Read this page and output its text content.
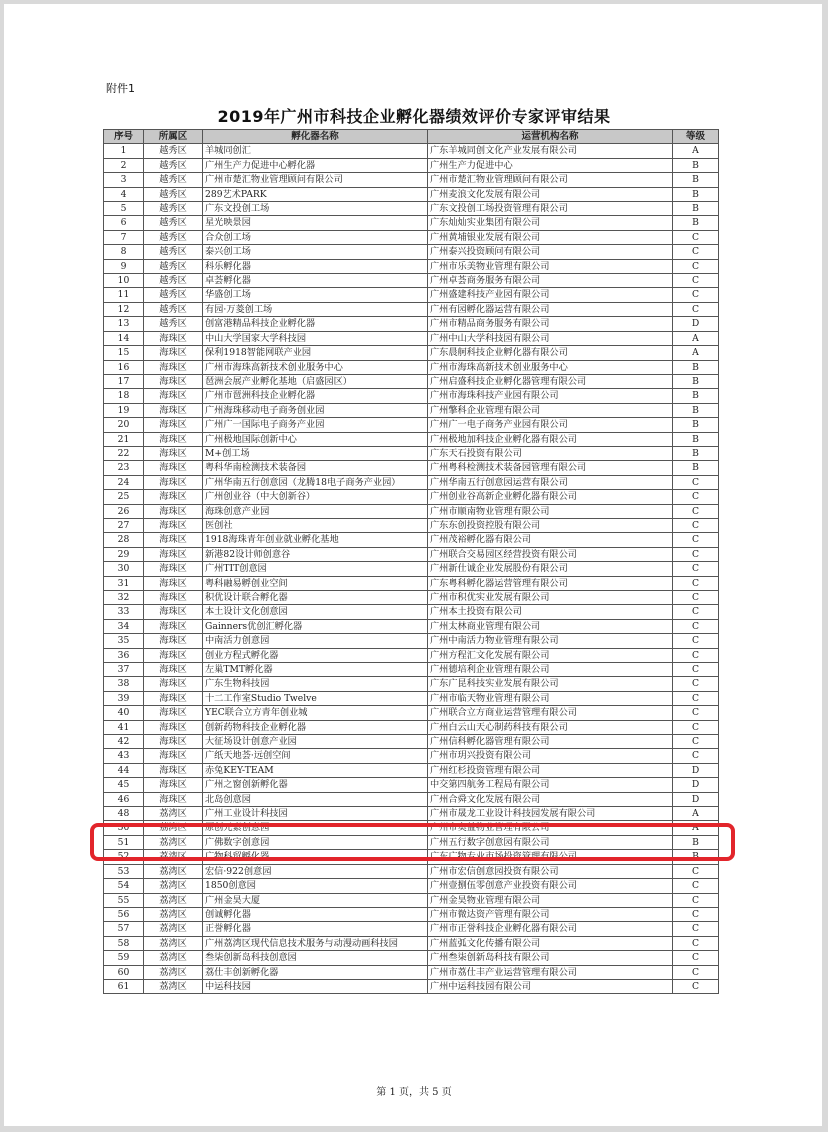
附件1
2019年广州市科技企业孵化器绩效评价专家评审结果
序号	所属区	孵化器名称	运营机构名称	等级
1	越秀区	羊城同创汇	广东羊城同创文化产业发展有限公司	A
2	越秀区	广州生产力促进中心孵化器	广州生产力促进中心	B
3	越秀区	广州市楚汇物业管理顾问有限公司	广州市楚汇物业管理顾问有限公司	B
4	越秀区	289艺术PARK	广州麦浪文化发展有限公司	B
5	越秀区	广东文投创工场	广东文投创工场投资管理有限公司	B
6	越秀区	星光映景园	广东灿灿实业集团有限公司	B
7	越秀区	合众创工场	广州黄埔银业发展有限公司	C
8	越秀区	泰兴创工场	广州泰兴投资顾问有限公司	C
9	越秀区	科乐孵化器	广州市乐美物业管理有限公司	C
10	越秀区	卓荟孵化器	广州卓荟商务服务有限公司	C
11	越秀区	华盛创工场	广州盛建科技产业园有限公司	C
12	越秀区	有园·万菱创工场	广州有园孵化器运营有限公司	C
13	越秀区	创富港精品科技企业孵化器	广州市精品商务服务有限公司	D
14	海珠区	中山大学国家大学科技园	广州中山大学科技园有限公司	A
15	海珠区	保利1918智能网联产业园	广东晨舸科技企业孵化器有限公司	A
16	海珠区	广州市海珠高新技术创业服务中心	广州市海珠高新技术创业服务中心	B
17	海珠区	琶洲会展产业孵化基地（启盛园区）	广州启盛科技企业孵化器管理有限公司	B
18	海珠区	广州市琶洲科技企业孵化器	广州市海珠科技产业园有限公司	B
19	海珠区	广州海珠移动电子商务创业园	广州擎科企业管理有限公司	B
20	海珠区	广州广一国际电子商务产业园	广州广一电子商务产业园有限公司	B
21	海珠区	广州极地国际创新中心	广州极地加科技企业孵化器有限公司	B
22	海珠区	M+创工场	广东天石投资有限公司	B
23	海珠区	粤科华南检测技术装备园	广州粤科检测技术装备园管理有限公司	B
24	海珠区	广州华南五行创意园（龙腾18电子商务产业园）	广州华南五行创意园运营有限公司	C
25	海珠区	广州创业谷（中大创新谷）	广州创业谷高新企业孵化器有限公司	C
26	海珠区	海珠创意产业园	广州市顺南物业管理有限公司	C
27	海珠区	医创社	广东东创投资控股有限公司	C
28	海珠区	1918海珠青年创业就业孵化基地	广州茂裕孵化器有限公司	C
29	海珠区	新港82设计师创意谷	广州联合交易园区经营投资有限公司	C
30	海珠区	广州TIT创意园	广州新仕诚企业发展股份有限公司	C
31	海珠区	粤科融易孵创业空间	广东粤科孵化器运营管理有限公司	C
32	海珠区	积优设计联合孵化器	广州市积优实业发展有限公司	C
33	海珠区	本土设计文化创意园	广州本土投资有限公司	C
34	海珠区	Gainners优创汇孵化器	广州太林商业管理有限公司	C
35	海珠区	中南活力创意园	广州中南活力物业管理有限公司	C
36	海珠区	创业方程式孵化器	广州方程汇文化发展有限公司	C
37	海珠区	左巢TMT孵化器	广州德培利企业管理有限公司	C
38	海珠区	广东生物科技园	广东广昆科技实业发展有限公司	C
39	海珠区	十二工作室Studio Twelve	广州市临天物业管理有限公司	C
40	海珠区	YEC联合立方青年创业城	广州联合立方商业运营管理有限公司	C
41	海珠区	创新药物科技企业孵化器	广州白云山天心制药科技有限公司	C
42	海珠区	大征场设计创意产业园	广州信科孵化器管理有限公司	C
43	海珠区	广纸天地荟·远创空间	广州市玥兴投资有限公司	C
44	海珠区	赤兔KEY-TEAM	广州红杉投资管理有限公司	D
45	海珠区	广州之窗创新孵化器	中交第四航务工程局有限公司	D
46	海珠区	北岛创意园	广州合舜文化发展有限公司	D
48	荔湾区	广州工业设计科技园	广州市晟龙工业设计科技园发展有限公司	A
50	荔湾区	原创元素创意园	广州市奥益物业管理有限公司	A
51	荔湾区	广佛数字创意园	广州五行数字创意园有限公司	B
52	荔湾区	广物科贸孵化器	广东广物专业市场投资管理有限公司	B
53	荔湾区	宏信·922创意园	广州市宏信创意园投资有限公司	C
54	荔湾区	1850创意园	广州壹捌伍零创意产业投资有限公司	C
55	荔湾区	广州金昊大厦	广州金昊物业管理有限公司	C
56	荔湾区	创诚孵化器	广州市微达资产管理有限公司	C
57	荔湾区	正誉孵化器	广州市正誉科技企业孵化器有限公司	C
58	荔湾区	广州荔湾区现代信息技术服务与动漫动画科技园	广州蓝弧文化传播有限公司	C
59	荔湾区	叁柒创新岛科技创意园	广州叁柒创新岛科技有限公司	C
60	荔湾区	荔仕丰创新孵化器	广州市荔仕丰产业运营管理有限公司	C
61	荔湾区	中运科技园	广州中运科技园有限公司	C
第 1 页，共 5 页
